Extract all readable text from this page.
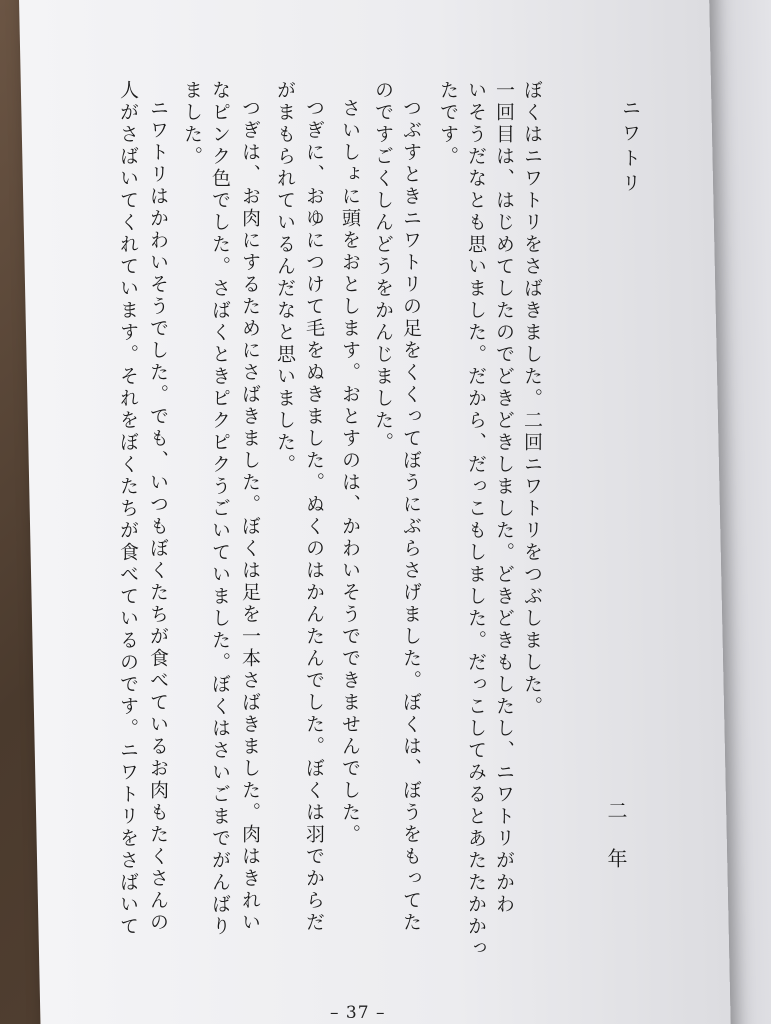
ニワトリ
二年
ぼくはニワトリをさばきました。二回ニワトリをつぶしました。
一回目は、はじめてしたのでどきどきしました。どきどきもしたし、ニワトリがかわ
いそうだなとも思いました。だから、だっこもしました。だっこしてみるとあたたかかっ
たです。
つぶすときニワトリの足をくくってぼうにぶらさげました。ぼくは、ぼうをもってた
のですごくしんどうをかんじました。
さいしょに頭をおとします。おとすのは、かわいそうでできませんでした。
つぎに、おゆにつけて毛をぬきました。ぬくのはかんたんでした。ぼくは羽でからだ
がまもられているんだなと思いました。
つぎは、お肉にするためにさばきました。ぼくは足を一本さばきました。肉はきれい
なピンク色でした。さばくときピクピクうごいていました。ぼくはさいごまでがんばり
ました。
ニワトリはかわいそうでした。でも、いつもぼくたちが食べているお肉もたくさんの
人がさばいてくれています。それをぼくたちが食べているのです。ニワトリをさばいて
– 37 –
